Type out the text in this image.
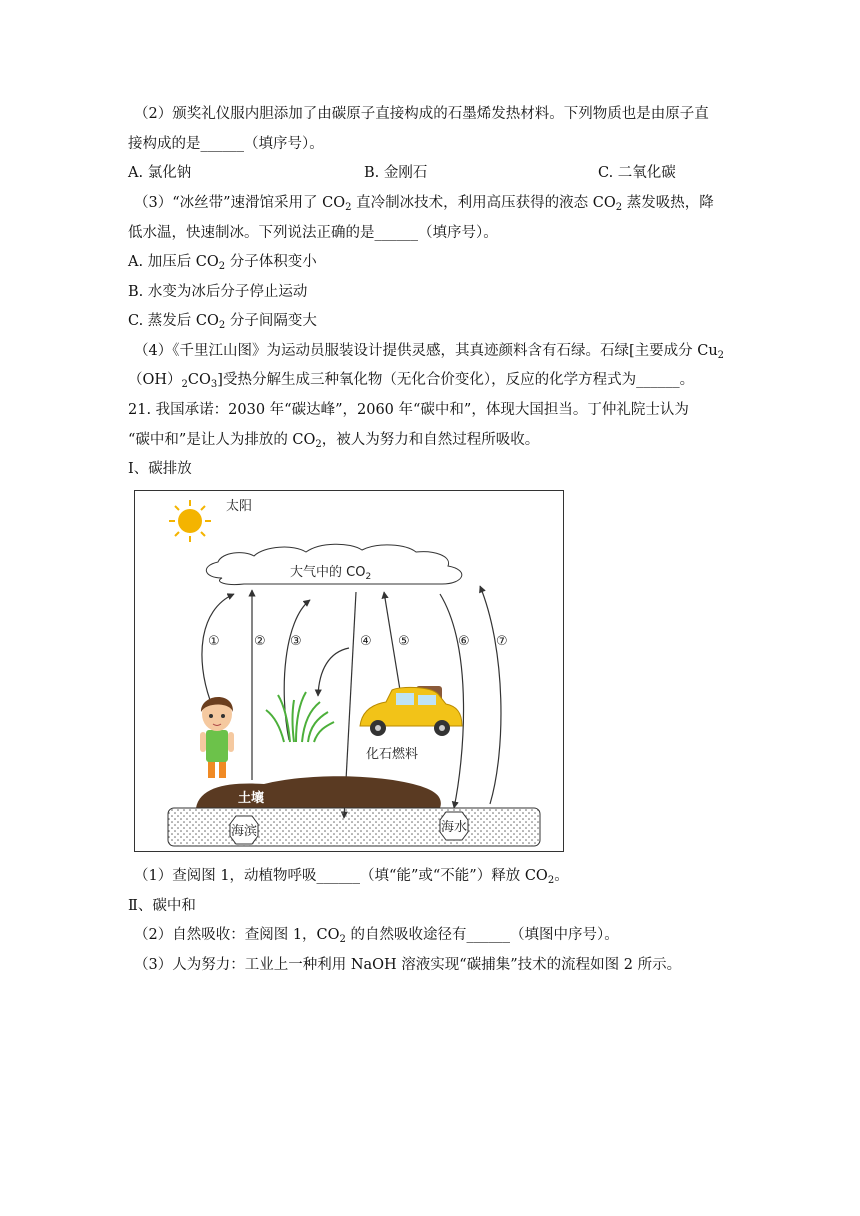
（2）颁奖礼仪服内胆添加了由碳原子直接构成的石墨烯发热材料。下列物质也是由原子直
接构成的是______（填序号）。
A. 氯化钠	B. 金刚石	C. 二氧化碳
（3）“冰丝带”速滑馆采用了 $CO_2$ 直冷制冰技术，利用高压获得的液态 $CO_2$ 蒸发吸热，降
低水温，快速制冰。下列说法正确的是______（填序号）。
A. 加压后 $CO_2$ 分子体积变小
B. 水变为冰后分子停止运动
C. 蒸发后 $CO_2$ 分子间隔变大
（4）《千里江山图》为运动员服装设计提供灵感，其真迹颜料含有石绿。石绿[主要成分 $Cu_2$
$(OH)_2CO_3$]受热分解生成三种氧化物（无化合价变化），反应的化学方程式为______。
21. 我国承诺：2030 年“碳达峰”，2060 年“碳中和”，体现大国担当。丁仲礼院士认为
“碳中和”是让人为排放的 $CO_2$，被人为努力和自然过程所吸收。
Ⅰ、碳排放
太阳
大气中的 $CO_2$
①	② ③	④ ⑤	⑥ ⑦
化石燃料
土壤
海滨	海水
（1）查阅图 1，动植物呼吸______（填“能”或“不能”）释放 $CO_2$。
Ⅱ、碳中和
（2）自然吸收：查阅图 1，$CO_2$ 的自然吸收途径有______（填图中序号）。
（3）人为努力：工业上一种利用 NaOH 溶液实现“碳捕集”技术的流程如图 2 所示。
